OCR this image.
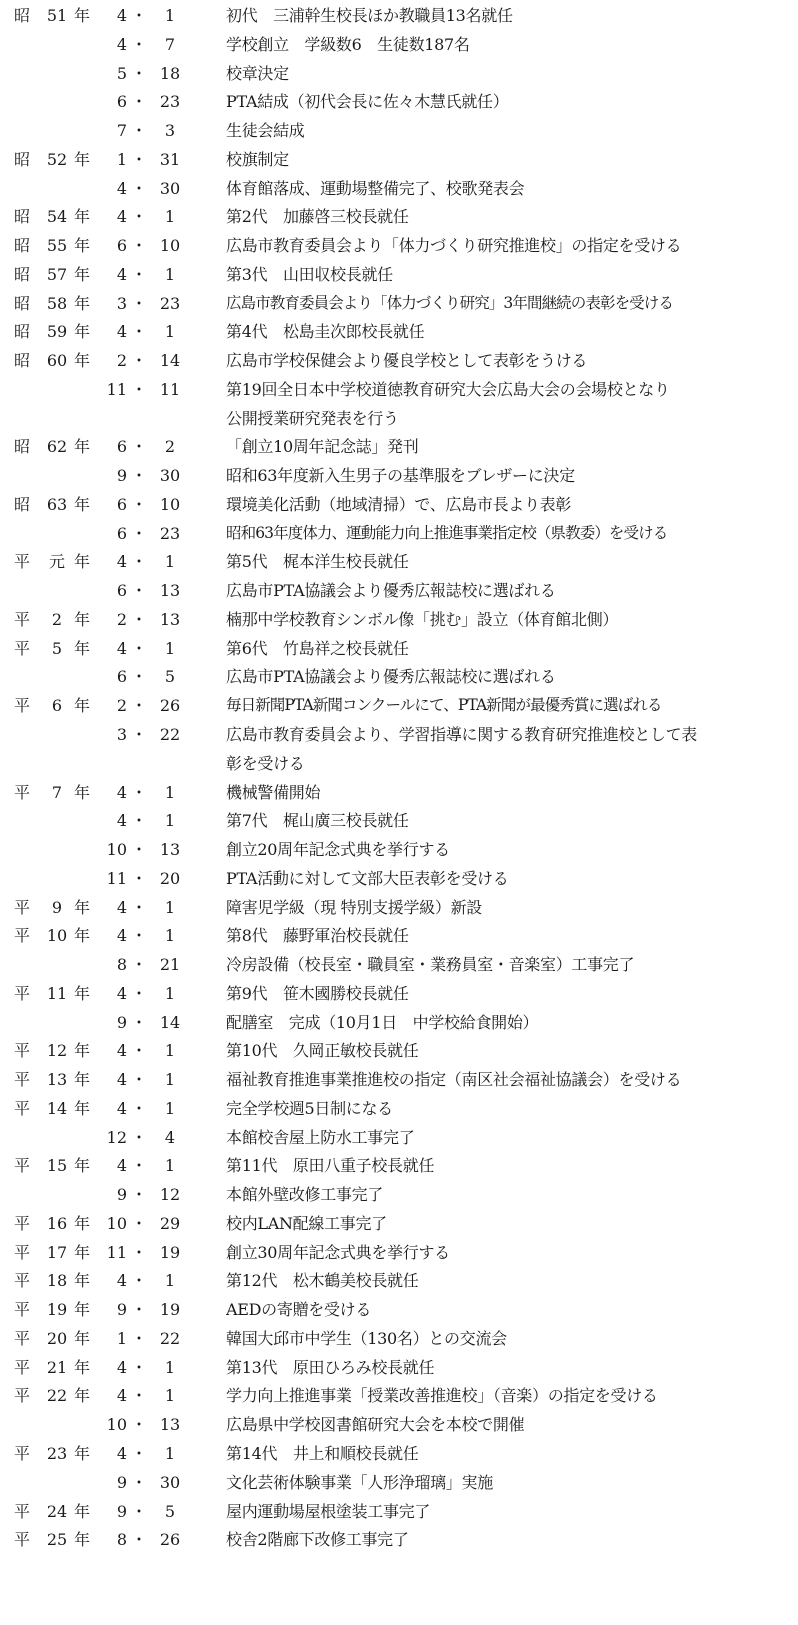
昭	51 年	4 ・	1	初代　三浦幹生校長ほか教職員13名就任
4 ・	7	学校創立　学級数6　生徒数187名
5 ・ 18	校章決定
6 ・ 23	PTA結成（初代会長に佐々木慧氏就任）
7 ・	3	生徒会結成
昭	52 年	1 ・ 31	校旗制定
4 ・ 30	体育館落成、運動場整備完了、校歌発表会
昭	54 年	4 ・	1	第2代　加藤啓三校長就任
昭	55 年	6 ・ 10	広島市教育委員会より「体力づくり研究推進校」の指定を受ける
昭	57 年	4 ・	1	第3代　山田収校長就任
昭	58 年	3 ・ 23	広島市教育委員会より「体力づくり研究」3年間継続の表彰を受ける
昭	59 年	4 ・	1	第4代　松島圭次郎校長就任
昭	60 年	2 ・ 14	広島市学校保健会より優良学校として表彰をうける
11 ・ 11	第19回全日本中学校道徳教育研究大会広島大会の会場校となり
公開授業研究発表を行う
昭	62 年	6 ・	2	「創立10周年記念誌」発刊
9 ・ 30	昭和63年度新入生男子の基準服をブレザーに決定
昭	63 年	6 ・ 10	環境美化活動（地域清掃）で、広島市長より表彰
6 ・ 23	昭和63年度体力、運動能力向上推進事業指定校（県教委）を受ける
平	元 年	4 ・	1	第5代　梶本洋生校長就任
6 ・ 13	広島市PTA協議会より優秀広報誌校に選ばれる
平	2 年	2 ・ 13	楠那中学校教育シンボル像「挑む」設立（体育館北側）
平	5 年	4 ・	1	第6代　竹島祥之校長就任
6 ・	5	広島市PTA協議会より優秀広報誌校に選ばれる
平	6 年	2 ・ 26	毎日新聞PTA新聞コンクールにて、PTA新聞が最優秀賞に選ばれる
3 ・ 22	広島市教育委員会より、学習指導に関する教育研究推進校として表
彰を受ける
平	7 年	4 ・	1	機械警備開始
4 ・	1	第7代　梶山廣三校長就任
10 ・ 13	創立20周年記念式典を挙行する
11 ・ 20	PTA活動に対して文部大臣表彰を受ける
平	9 年	4 ・	1	障害児学級（現 特別支援学級）新設
平	10 年	4 ・	1	第8代　藤野軍治校長就任
8 ・ 21	冷房設備（校長室・職員室・業務員室・音楽室）工事完了
平	11 年	4 ・	1	第9代　笹木國勝校長就任
9 ・ 14	配膳室　完成（10月1日　中学校給食開始）
平	12 年	4 ・	1	第10代　久岡正敏校長就任
平	13 年	4 ・	1	福祉教育推進事業推進校の指定（南区社会福祉協議会）を受ける
平	14 年	4 ・	1	完全学校週5日制になる
12 ・	4	本館校舎屋上防水工事完了
平	15 年	4 ・	1	第11代　原田八重子校長就任
9 ・ 12	本館外壁改修工事完了
平	16 年	10 ・ 29	校内LAN配線工事完了
平	17 年	11 ・ 19	創立30周年記念式典を挙行する
平	18 年	4 ・	1	第12代　松木鶴美校長就任
平	19 年	9 ・ 19	AEDの寄贈を受ける
平	20 年	1 ・ 22	韓国大邱市中学生（130名）との交流会
平	21 年	4 ・	1	第13代　原田ひろみ校長就任
平	22 年	4 ・	1	学力向上推進事業「授業改善推進校」（音楽）の指定を受ける
10 ・ 13	広島県中学校図書館研究大会を本校で開催
平	23 年	4 ・	1	第14代　井上和順校長就任
9 ・ 30	文化芸術体験事業「人形浄瑠璃」実施
平	24 年	9 ・	5	屋内運動場屋根塗装工事完了
平	25 年	8 ・ 26	校舎2階廊下改修工事完了
